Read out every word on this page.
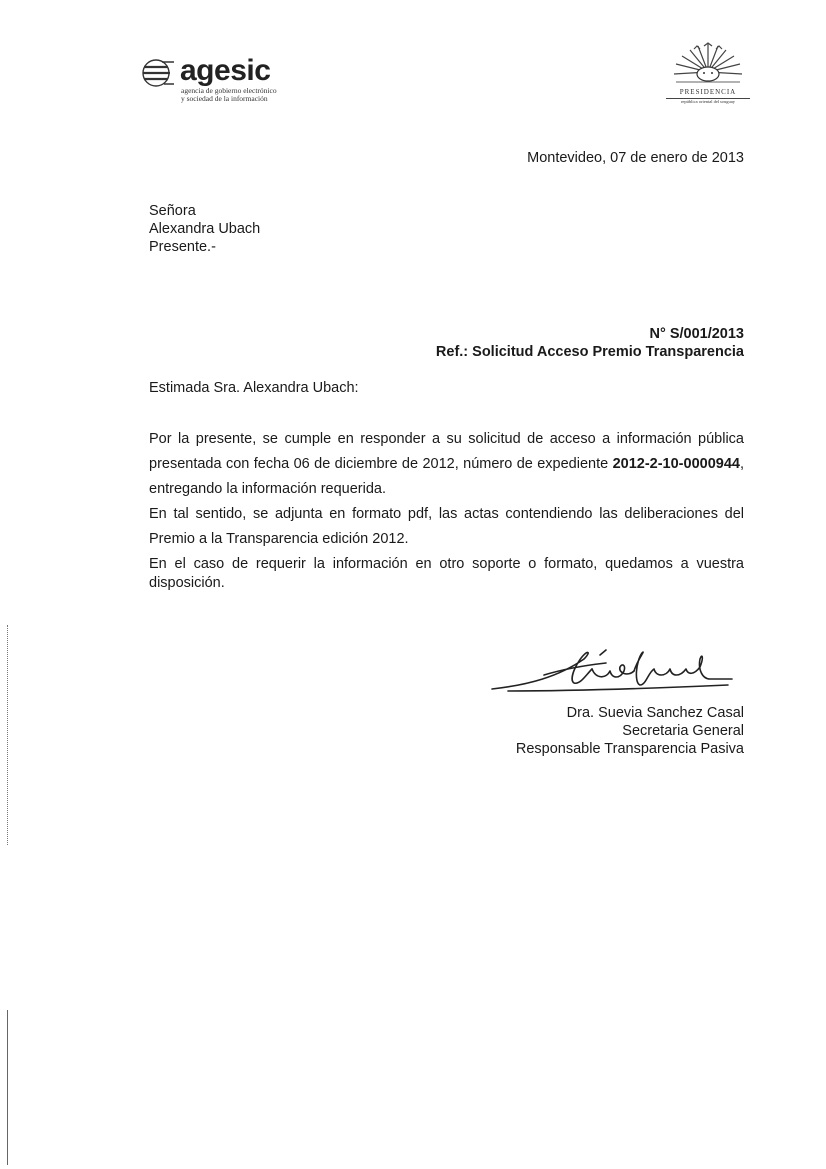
agesic
agencia de gobierno electrónico
y sociedad de la información
PRESIDENCIA
república oriental del uruguay
Montevideo, 07 de enero de 2013
Señora
Alexandra Ubach
Presente.-
N° S/001/2013
Ref.: Solicitud Acceso Premio Transparencia
Estimada Sra. Alexandra Ubach:
Por la presente, se cumple en responder a su solicitud de acceso a información pública presentada con fecha 06 de diciembre de 2012, número de expediente 2012-2-10-0000944, entregando la información requerida.
En tal sentido, se adjunta en formato pdf, las actas contendiendo las deliberaciones del Premio a la Transparencia edición 2012.
En el caso de requerir la información en otro soporte o formato, quedamos a vuestra disposición.
Dra. Suevia Sanchez Casal
Secretaria General
Responsable Transparencia Pasiva
